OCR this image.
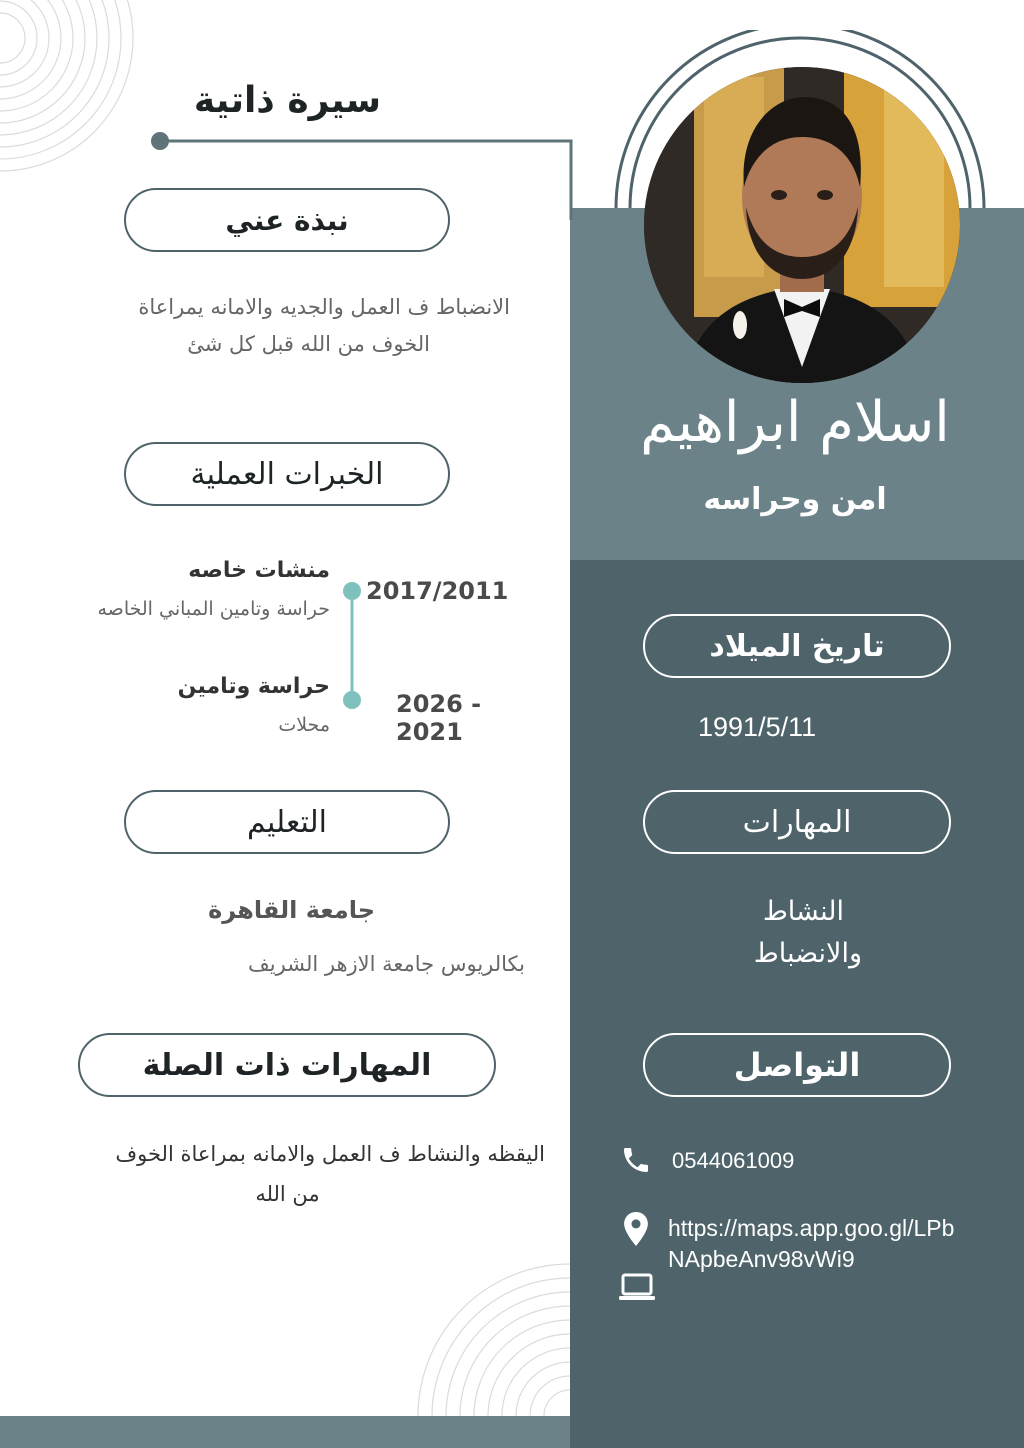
سيرة ذاتية
اسلام ابراهيم
امن وحراسه
نبذة عني
الانضباط ف العمل والجديه والامانه يمراعاة
الخوف من الله قبل كل شئ
الخبرات العملية
منشات خاصه
حراسة وتامين المباني الخاصه
2017/2011
حراسة وتامين
محلات
2026 - 2021
التعليم
جامعة القاهرة
بكالريوس جامعة الازهر الشريف
المهارات ذات الصلة
اليقظه والنشاط ف العمل والامانه بمراعاة الخوف
من الله
تاريخ الميلاد
1991/5/11
المهارات
النشاط
والانضباط
التواصل
0544061009
https://maps.app.goo.gl/LPb
NApbeAnv98vWi9
